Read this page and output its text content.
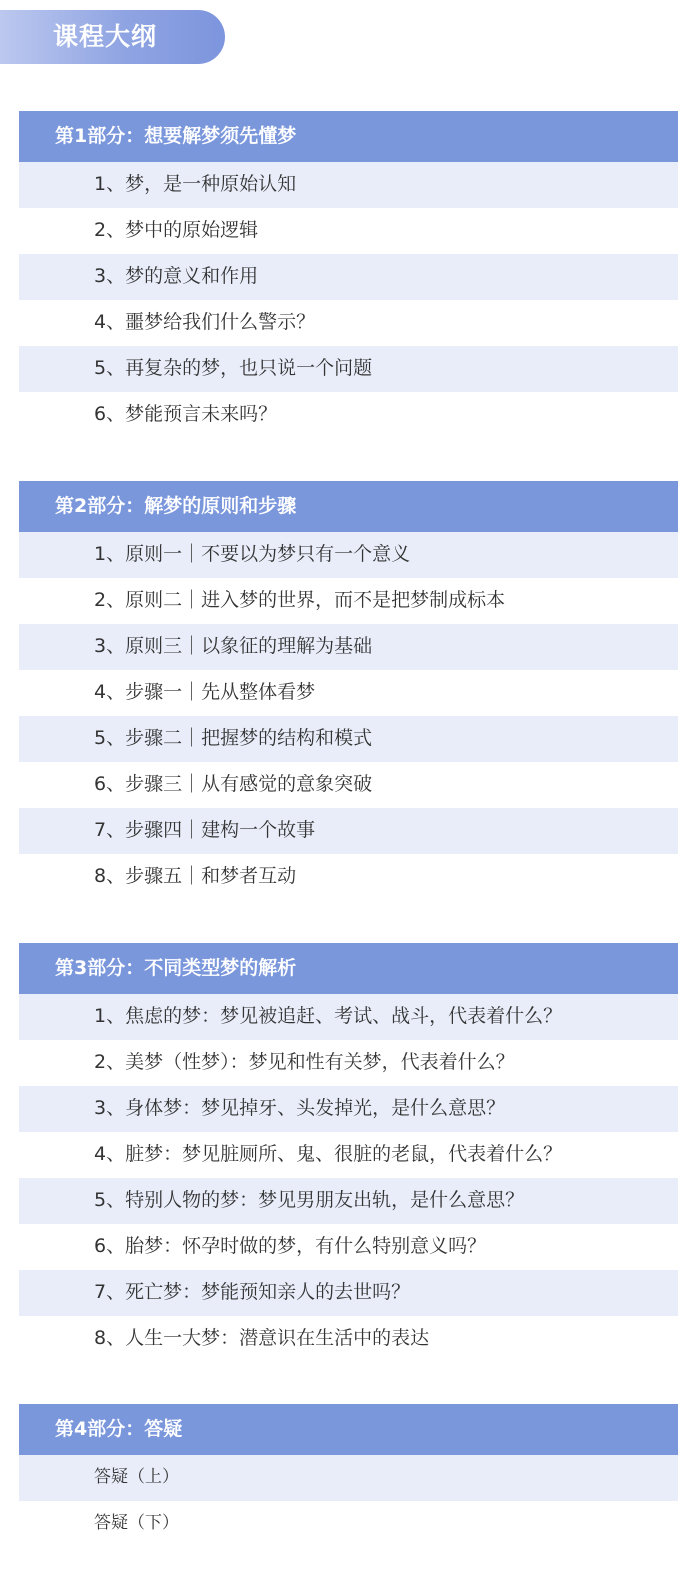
课程大纲
第1部分：想要解梦须先懂梦
1、梦，是一种原始认知
2、梦中的原始逻辑
3、梦的意义和作用
4、噩梦给我们什么警示？
5、再复杂的梦，也只说一个问题
6、梦能预言未来吗？
第2部分：解梦的原则和步骤
1、原则一｜不要以为梦只有一个意义
2、原则二｜进入梦的世界，而不是把梦制成标本
3、原则三｜以象征的理解为基础
4、步骤一｜先从整体看梦
5、步骤二｜把握梦的结构和模式
6、步骤三｜从有感觉的意象突破
7、步骤四｜建构一个故事
8、步骤五｜和梦者互动
第3部分：不同类型梦的解析
1、焦虑的梦：梦见被追赶、考试、战斗，代表着什么？
2、美梦（性梦）：梦见和性有关梦，代表着什么？
3、身体梦：梦见掉牙、头发掉光，是什么意思？
4、脏梦：梦见脏厕所、鬼、很脏的老鼠，代表着什么？
5、特别人物的梦：梦见男朋友出轨，是什么意思？
6、胎梦：怀孕时做的梦，有什么特别意义吗？
7、死亡梦：梦能预知亲人的去世吗？
8、人生一大梦：潜意识在生活中的表达
第4部分：答疑
答疑（上）
答疑（下）
